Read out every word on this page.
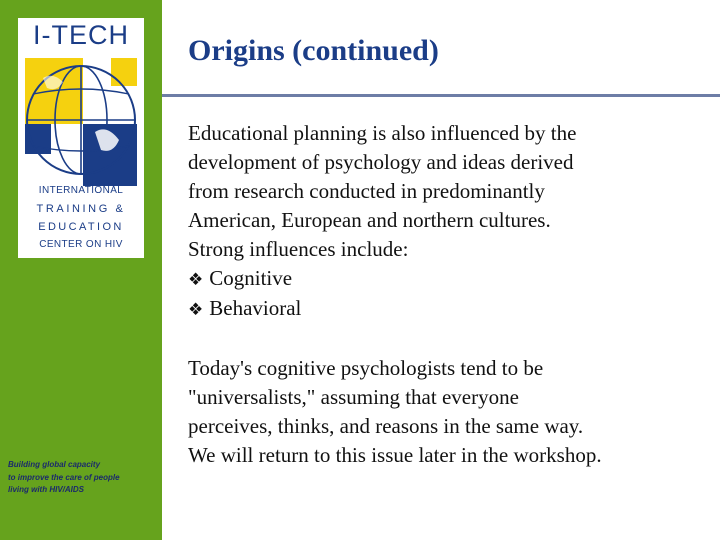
I-TECH
INTERNATIONAL
TRAINING &
EDUCATION
CENTER ON HIV
Building global capacity
to improve the care of people
living with HIV/AIDS
Origins (continued)
Educational planning is also influenced by the
development of psychology and ideas derived
from research conducted in predominantly
American, European and northern cultures.
Strong influences include:
❖ Cognitive
❖ Behavioral
Today's cognitive psychologists tend to be
"universalists," assuming that everyone
perceives, thinks, and reasons in the same way.
We will return to this issue later in the workshop.
